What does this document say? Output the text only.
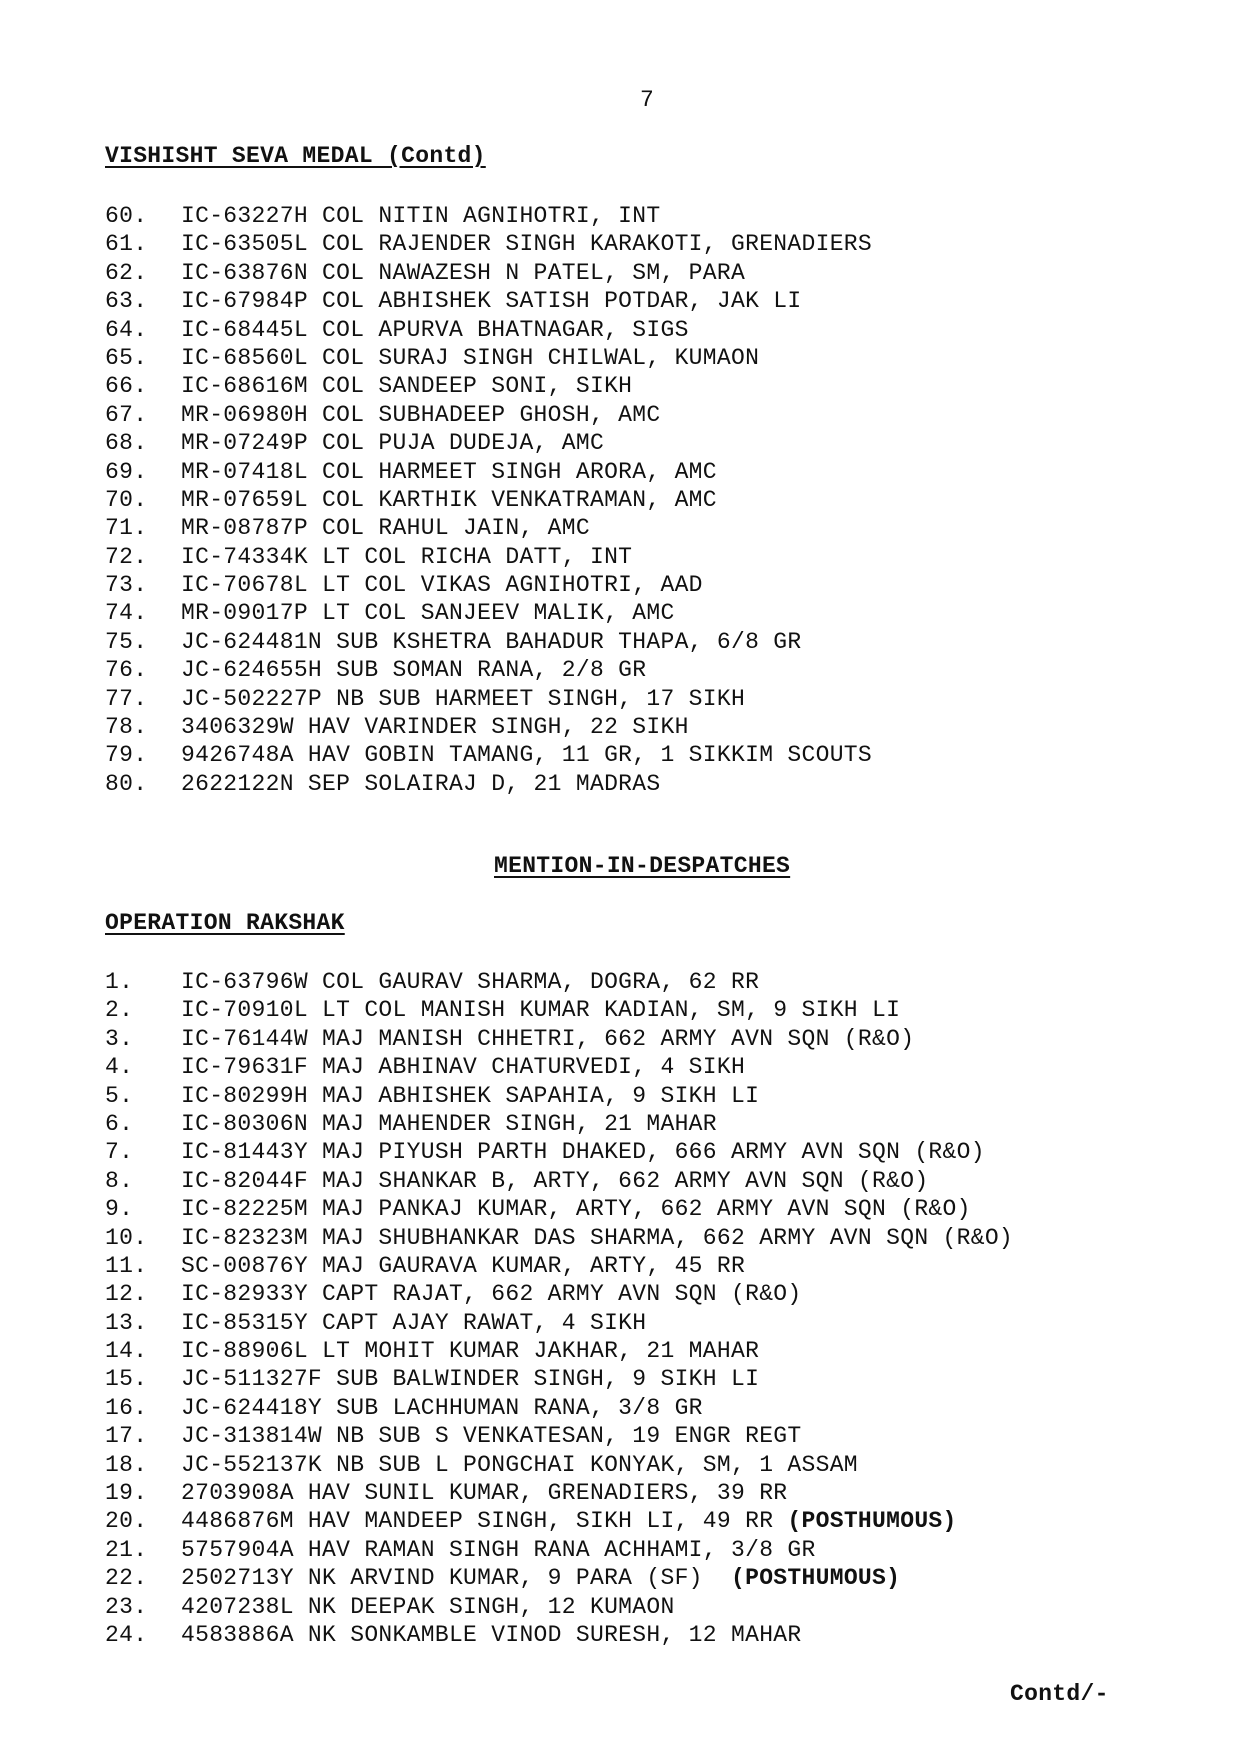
7
VISHISHT SEVA MEDAL (Contd)
60. IC-63227H COL NITIN AGNIHOTRI, INT
61. IC-63505L COL RAJENDER SINGH KARAKOTI, GRENADIERS
62. IC-63876N COL NAWAZESH N PATEL, SM, PARA
63. IC-67984P COL ABHISHEK SATISH POTDAR, JAK LI
64. IC-68445L COL APURVA BHATNAGAR, SIGS
65. IC-68560L COL SURAJ SINGH CHILWAL, KUMAON
66. IC-68616M COL SANDEEP SONI, SIKH
67. MR-06980H COL SUBHADEEP GHOSH, AMC
68. MR-07249P COL PUJA DUDEJA, AMC
69. MR-07418L COL HARMEET SINGH ARORA, AMC
70. MR-07659L COL KARTHIK VENKATRAMAN, AMC
71. MR-08787P COL RAHUL JAIN, AMC
72. IC-74334K LT COL RICHA DATT, INT
73. IC-70678L LT COL VIKAS AGNIHOTRI, AAD
74. MR-09017P LT COL SANJEEV MALIK, AMC
75. JC-624481N SUB KSHETRA BAHADUR THAPA, 6/8 GR
76. JC-624655H SUB SOMAN RANA, 2/8 GR
77. JC-502227P NB SUB HARMEET SINGH, 17 SIKH
78. 3406329W HAV VARINDER SINGH, 22 SIKH
79. 9426748A HAV GOBIN TAMANG, 11 GR, 1 SIKKIM SCOUTS
80. 2622122N SEP SOLAIRAJ D, 21 MADRAS
MENTION-IN-DESPATCHES
OPERATION RAKSHAK
1. IC-63796W COL GAURAV SHARMA, DOGRA, 62 RR
2. IC-70910L LT COL MANISH KUMAR KADIAN, SM, 9 SIKH LI
3. IC-76144W MAJ MANISH CHHETRI, 662 ARMY AVN SQN (R&O)
4. IC-79631F MAJ ABHINAV CHATURVEDI, 4 SIKH
5. IC-80299H MAJ ABHISHEK SAPAHIA, 9 SIKH LI
6. IC-80306N MAJ MAHENDER SINGH, 21 MAHAR
7. IC-81443Y MAJ PIYUSH PARTH DHAKED, 666 ARMY AVN SQN (R&O)
8. IC-82044F MAJ SHANKAR B, ARTY, 662 ARMY AVN SQN (R&O)
9. IC-82225M MAJ PANKAJ KUMAR, ARTY, 662 ARMY AVN SQN (R&O)
10. IC-82323M MAJ SHUBHANKAR DAS SHARMA, 662 ARMY AVN SQN (R&O)
11. SC-00876Y MAJ GAURAVA KUMAR, ARTY, 45 RR
12. IC-82933Y CAPT RAJAT, 662 ARMY AVN SQN (R&O)
13. IC-85315Y CAPT AJAY RAWAT, 4 SIKH
14. IC-88906L LT MOHIT KUMAR JAKHAR, 21 MAHAR
15. JC-511327F SUB BALWINDER SINGH, 9 SIKH LI
16. JC-624418Y SUB LACHHUMAN RANA, 3/8 GR
17. JC-313814W NB SUB S VENKATESAN, 19 ENGR REGT
18. JC-552137K NB SUB L PONGCHAI KONYAK, SM, 1 ASSAM
19. 2703908A HAV SUNIL KUMAR, GRENADIERS, 39 RR
20. 4486876M HAV MANDEEP SINGH, SIKH LI, 49 RR (POSTHUMOUS)
21. 5757904A HAV RAMAN SINGH RANA ACHHAMI, 3/8 GR
22. 2502713Y NK ARVIND KUMAR, 9 PARA (SF)  (POSTHUMOUS)
23. 4207238L NK DEEPAK SINGH, 12 KUMAON
24. 4583886A NK SONKAMBLE VINOD SURESH, 12 MAHAR
Contd/-
